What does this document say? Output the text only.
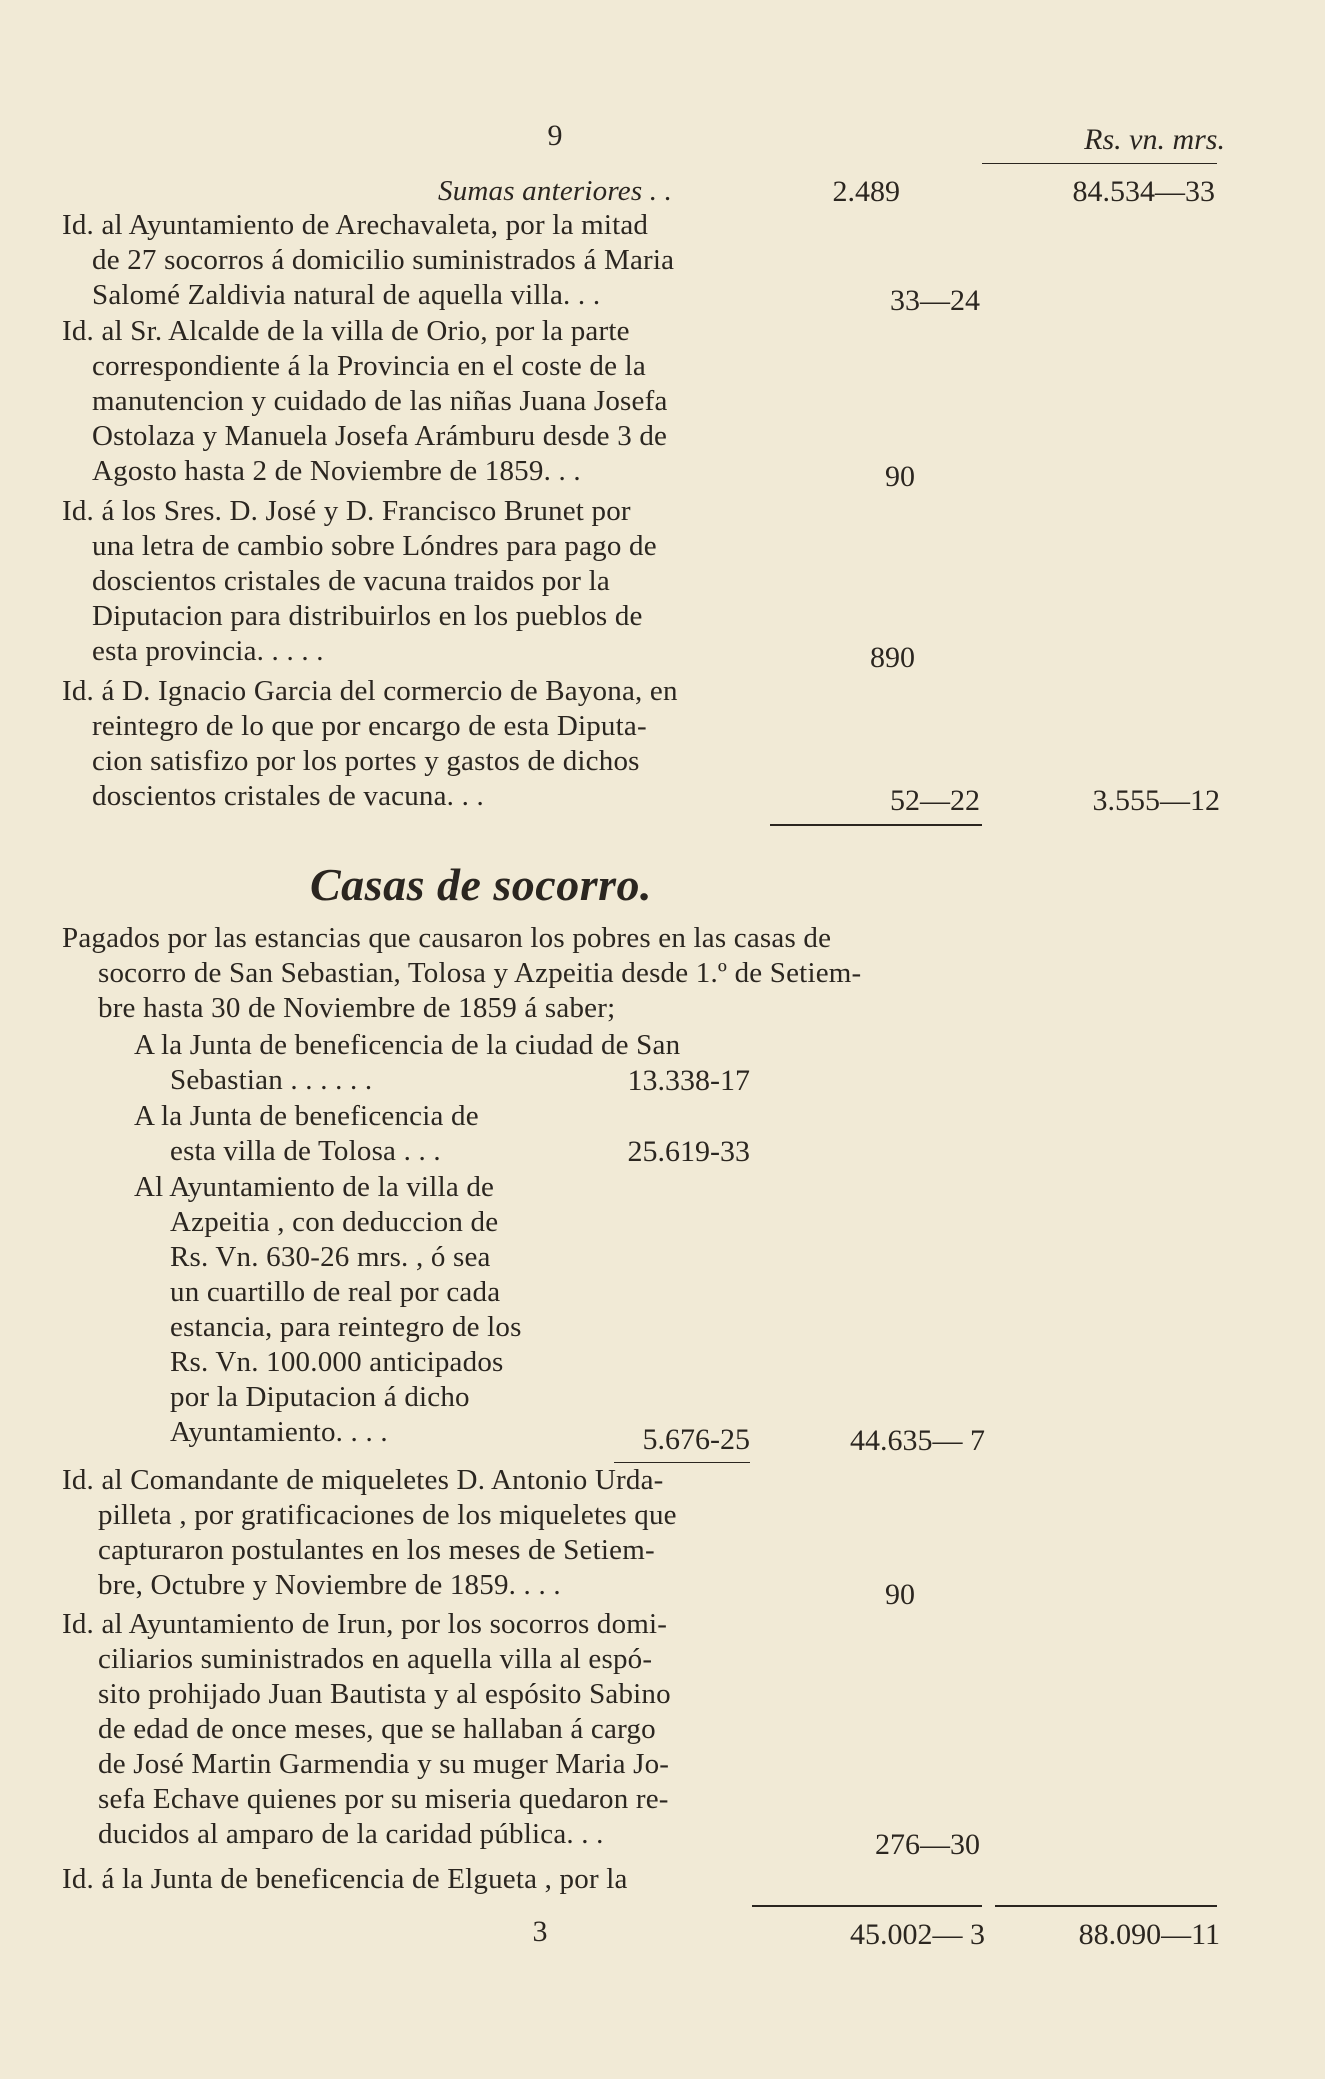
9	Rs. vn. mrs.
Sumas anteriores . .	2.489	84.534—33
Id. al Ayuntamiento de Arechavaleta, por la mitad
de 27 socorros á domicilio suministrados á Maria
Salomé Zaldivia natural de aquella villa. . .	33—24
Id. al Sr. Alcalde de la villa de Orio, por la parte
correspondiente á la Provincia en el coste de la
manutencion y cuidado de las niñas Juana Josefa
Ostolaza y Manuela Josefa Arámburu desde 3 de
Agosto hasta 2 de Noviembre de 1859. . .	90
Id. á los Sres. D. José y D. Francisco Brunet por
una letra de cambio sobre Lóndres para pago de
doscientos cristales de vacuna traidos por la
Diputacion para distribuirlos en los pueblos de
esta provincia. . . . .	890
Id. á D. Ignacio Garcia del cormercio de Bayona, en
reintegro de lo que por encargo de esta Diputa-
cion satisfizo por los portes y gastos de dichos
doscientos cristales de vacuna. . .	52—22	3.555—12
Casas de socorro.
Pagados por las estancias que causaron los pobres en las casas de
socorro de San Sebastian, Tolosa y Azpeitia desde 1.º de Setiem-
bre hasta 30 de Noviembre de 1859 á saber;
A la Junta de beneficencia de la ciudad de San
Sebastian . . . . . .	13.338-17
A la Junta de beneficencia de
esta villa de Tolosa . . .	25.619-33
Al Ayuntamiento de la villa de
Azpeitia , con deduccion de
Rs. Vn. 630-26 mrs. , ó sea
un cuartillo de real por cada
estancia, para reintegro de los
Rs. Vn. 100.000 anticipados
por la Diputacion á dicho
Ayuntamiento. . . .	5.676-25	44.635— 7
Id. al Comandante de miqueletes D. Antonio Urda-
pilleta , por gratificaciones de los miqueletes que
capturaron postulantes en los meses de Setiem-
bre, Octubre y Noviembre de 1859. . . .	90
Id. al Ayuntamiento de Irun, por los socorros domi-
ciliarios suministrados en aquella villa al espó-
sito prohijado Juan Bautista y al espósito Sabino
de edad de once meses, que se hallaban á cargo
de José Martin Garmendia y su muger Maria Jo-
sefa Echave quienes por su miseria quedaron re-
ducidos al amparo de la caridad pública. . .	276—30
Id. á la Junta de beneficencia de Elgueta , por la
3	45.002— 3	88.090—11
